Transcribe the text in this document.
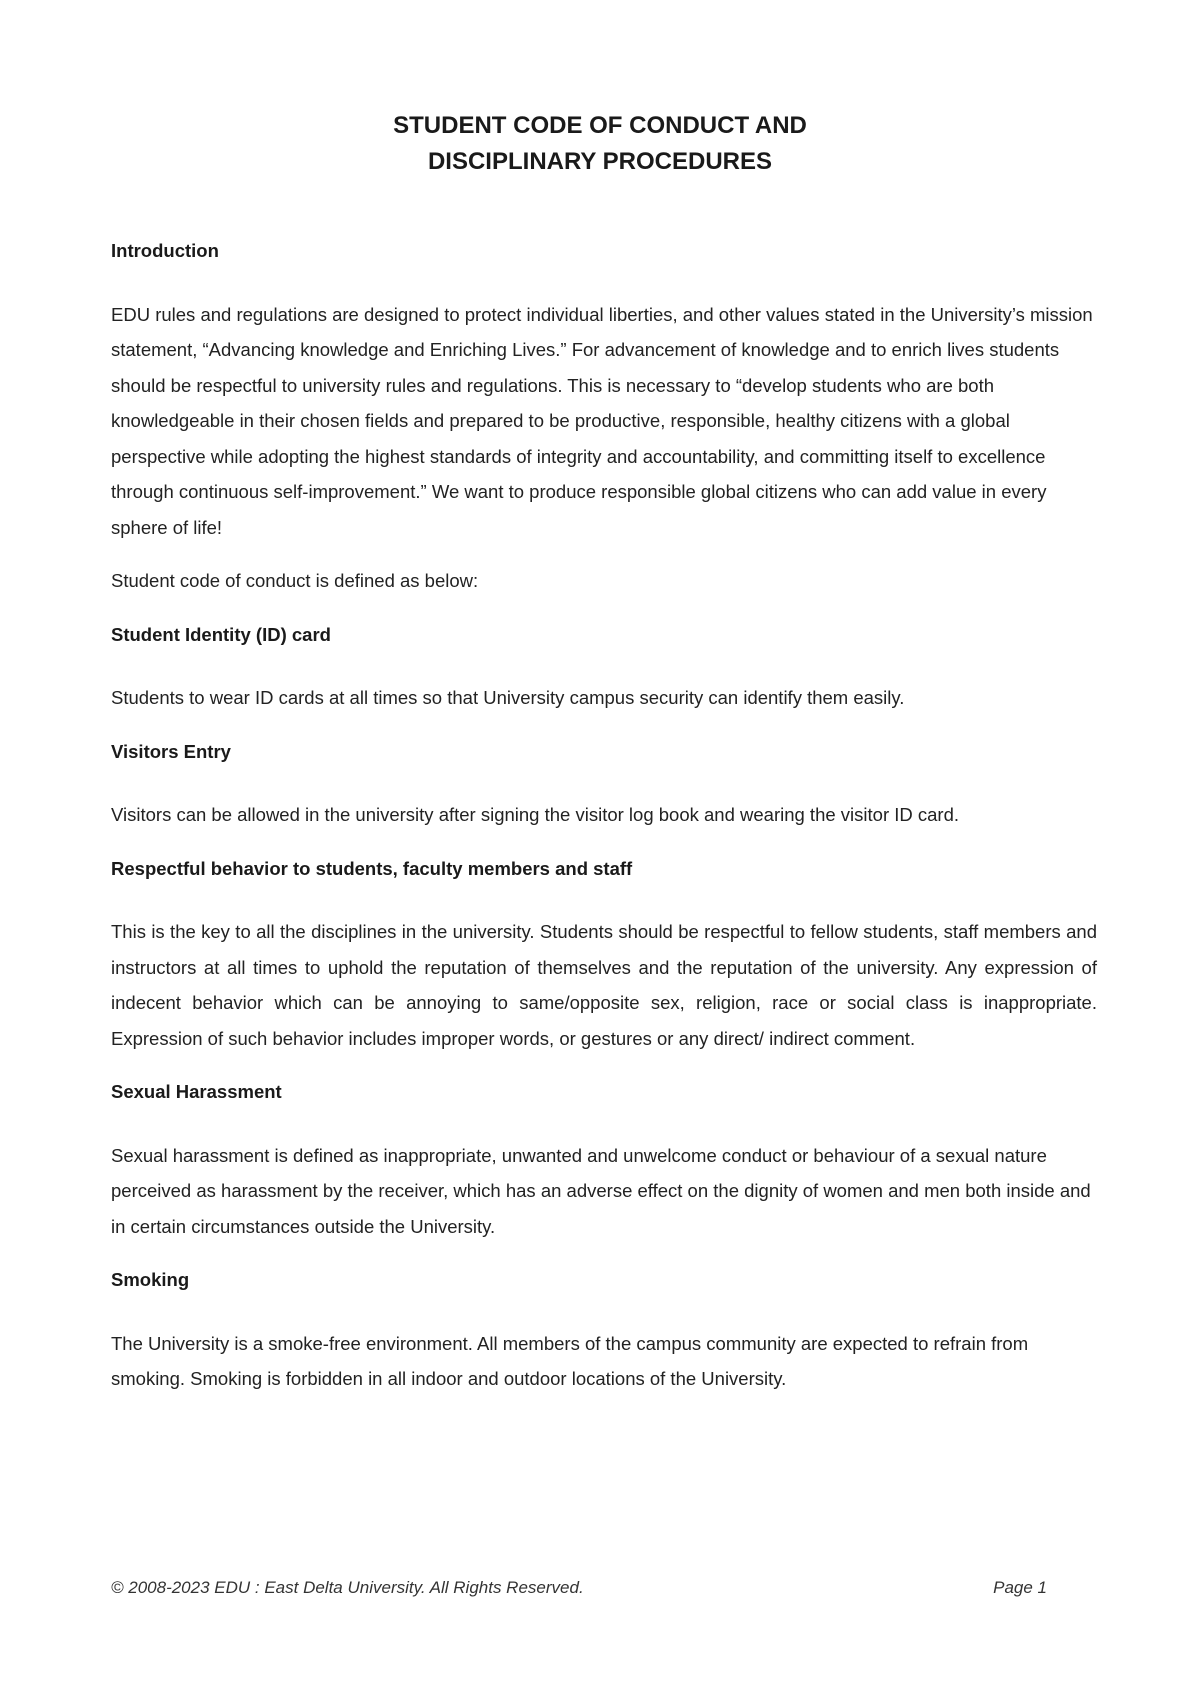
STUDENT CODE OF CONDUCT AND
DISCIPLINARY PROCEDURES

Introduction

EDU rules and regulations are designed to protect individual liberties, and other values stated in the University’s mission statement, “Advancing knowledge and Enriching Lives.” For advancement of knowledge and to enrich lives students should be respectful to university rules and regulations. This is necessary to “develop students who are both knowledgeable in their chosen fields and prepared to be productive, responsible, healthy citizens with a global perspective while adopting the highest standards of integrity and accountability, and committing itself to excellence through continuous self-improvement.” We want to produce responsible global citizens who can add value in every sphere of life!

Student code of conduct is defined as below:

Student Identity (ID) card

Students to wear ID cards at all times so that University campus security can identify them easily.

Visitors Entry

Visitors can be allowed in the university after signing the visitor log book and wearing the visitor ID card.

Respectful behavior to students, faculty members and staff

This is the key to all the disciplines in the university. Students should be respectful to fellow students, staff members and instructors at all times to uphold the reputation of themselves and the reputation of the university. Any expression of indecent behavior which can be annoying to same/opposite sex, religion, race or social class is inappropriate. Expression of such behavior includes improper words, or gestures or any direct/ indirect comment.

Sexual Harassment

Sexual harassment is defined as inappropriate, unwanted and unwelcome conduct or behaviour of a sexual nature perceived as harassment by the receiver, which has an adverse effect on the dignity of women and men both inside and in certain circumstances outside the University.

Smoking

The University is a smoke-free environment. All members of the campus community are expected to refrain from smoking. Smoking is forbidden in all indoor and outdoor locations of the University.

© 2008-2023 EDU : East Delta University. All Rights Reserved.	Page 1
